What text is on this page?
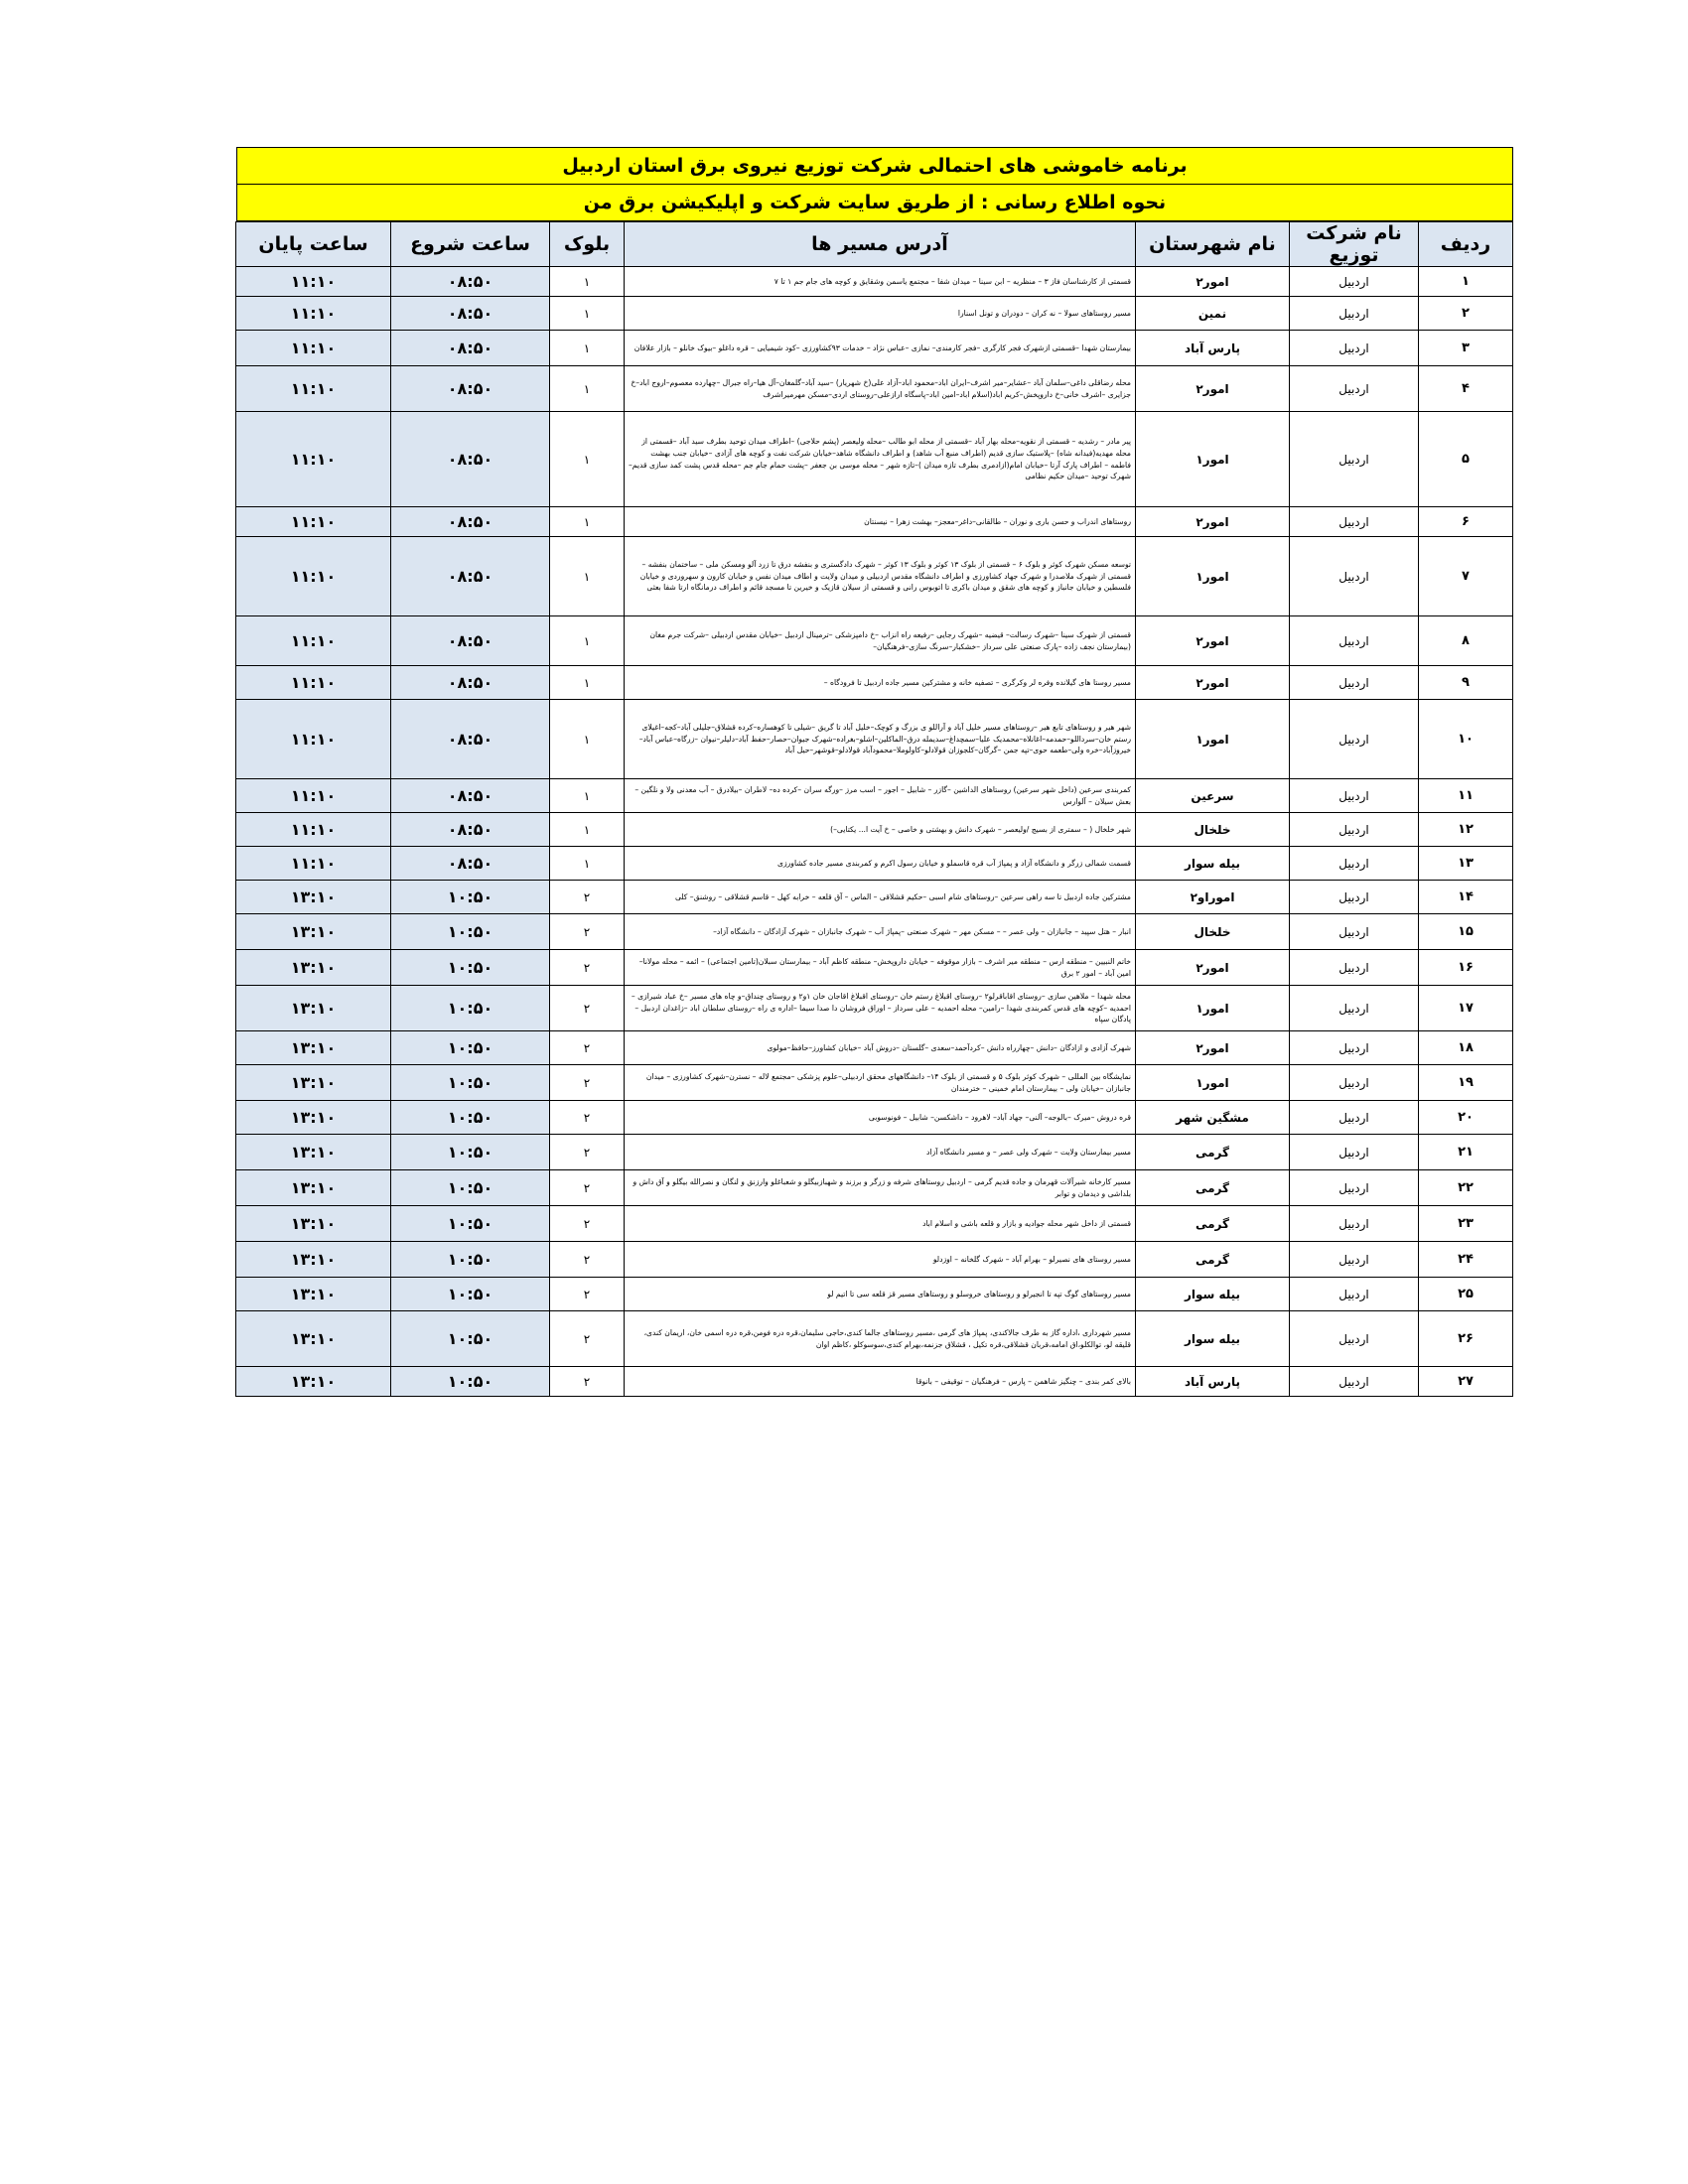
برنامه خاموشی های احتمالی شرکت توزیع نیروی برق استان اردبیل
نحوه اطلاع رسانی : از طریق سایت شرکت و اپلیکیشن برق من
ردیف	نام شرکت توزیع	نام شهرستان	آدرس مسیر ها	بلوک	ساعت شروع	ساعت پایان
۱	اردبیل	امور۲	قسمتی از کارشناسان فاز ۳ – منظریه – ابن سینا – میدان شفا – مجتمع یاسمن وشقایق و کوچه های جام جم ۱ تا ۷	۱	۰۸:۵۰	۱۱:۱۰
۲	اردبیل	نمین	مسیر روستاهای سولا – نه کران – دودران و تونل اسنارا	۱	۰۸:۵۰	۱۱:۱۰
۳	اردبیل	پارس آباد	بیمارستان شهدا –قسمتی ازشهرک فجر کارگری –فجر کارمندی– نمازی –عباس نژاد – خدمات ۹۳کشاورزی –کود شیمیایی – قره داغلو –بیوک خانلو – بازار علافان	۱	۰۸:۵۰	۱۱:۱۰
۴	اردبیل	امور۲	محله رضاقلی داغی–سلمان آباد –عشایر–میر اشرف–ایران اباد–محمود اباد–آزاد علی(خ شهریار) –سید آباد–گلمغان–آل هیا–راه جبرال –چهارده معصوم–اروج اباد–خ جزایری –اشرف خانی–خ داروپخش–کریم اباد(اسلام اباد–امین اباد–پاسگاه ارازعلی–روستای اردی–مسکن مهرمیراشرف	۱	۰۸:۵۰	۱۱:۱۰
۵	اردبیل	امور۱	پیر مادر – رشدیه – قسمتی از نقویه–محله بهار آباد –قسمتی از محله ابو طالب –محله وليعصر (پشم حلاجی) –اطراف میدان توحید بطرف سید آباد –قسمتی از محله مهدیه(فیدانه شاه) –پلاستیک سازی قدیم (اطراف منبع آب شاهد) و اطراف دانشگاه شاهد–خیابان شرکت نفت و کوچه های آزادی –خیابان جنب بهشت فاطمه – اطراف پارک آرتا –خیابان امام(ازادمری بطرف تازه میدان )–تازه شهر – محله موسی بن جعفر –پشت حمام جام جم –محله قدس پشت کمد سازی قدیم–شهرک توحید –میدان حکیم نظامی	۱	۰۸:۵۰	۱۱:۱۰
۶	اردبیل	امور۲	روستاهای اندراب و حسن باری و نوران – طالقانی–داغر–معجز– بهشت زهرا – نیسنتان	۱	۰۸:۵۰	۱۱:۱۰
۷	اردبیل	امور۱	توسعه مسکن شهرک کوثر و بلوک ۶ – قسمتی از بلوک ۱۳ کوثر و بلوک ۱۳ کوثر – شهرک دادگستری و بنفشه درق تا زرد آلو ومسکن ملی – ساختمان بنفشه – قسمتی از شهرک ملاصدرا و شهرک جهاد کشاورزی و اطراف دانشگاه مقدس اردبیلی و میدان ولایت و اطاف میدان نفس و خیابان کارون و سهروردی و خیابان فلسطین و خیابان جانباز و کوچه های شقق و میدان باکری تا اتوبوس رانی و قسمتی از سیلان قازیک و خیرین تا مسجد قائم و اطراف درمانگاه ارتا شفا بعثی	۱	۰۸:۵۰	۱۱:۱۰
۸	اردبیل	امور۲	قسمتی از شهرک سینا –شهرک رسالت– قیضیه –شهرک رجایی –رفیعه راه انزاب –خ دامپزشکی –ترمینال اردبیل –خیابان مقدس اردبیلی –شرکت جرم مغان (بیمارستان نجف زاده –پارک صنعتی علی سرداز –خشکبار–سرنگ سازی–فرهنگیان–	۱	۰۸:۵۰	۱۱:۱۰
۹	اردبیل	امور۲	مسیر روستا های گیلانده وفره لر وکرگری – تصفیه خانه و مشترکین مسیر جاده اردبیل تا فرودگاه –	۱	۰۸:۵۰	۱۱:۱۰
۱۰	اردبیل	امور۱	شهر هیر و روستاهای تابع هیر –روستاهای مسیر خلیل آباد و آراللو ی بزرگ و کوچک–خلیل آباد تا گریق –شیلی تا کوهساره–کرده قشلاق–جلیلی آباد–کجه–اغیلای رستم خان–سرداللو–حمدمه–اغانلاه–محمدیک علیا–سمچداغ–سدیمله درق–الماکلین–اشلو–بغراده–شهرک جیوان–حصار–حفظ آباد–دلیلر–نیوان –زرگاه–عباس آباد–خیروزآباد–خره ولی–طعمه حوی–تپه جمن –گرگان–کلجوزان قولادلو–کاولوملا–محمودآباد قولادلو–قوشهر–حیل آباد	۱	۰۸:۵۰	۱۱:۱۰
۱۱	اردبیل	سرعین	کمربندی سرعین (داخل شهر سرعین) روستاهای الداشین –گازر – شابیل – اجور – اسب مرز –ورگه سران –کرده ده– لاطران –بیلادرق – آب معدنی ولا و نلگین – بعش سیلان – آلوارس	۱	۰۸:۵۰	۱۱:۱۰
۱۲	اردبیل	خلخال	شهر خلخال ( – سمتری از بسیج /ولیعصر – شهرک دانش و بهشتی و خاصی – خ آیت ا... یکتایی–)	۱	۰۸:۵۰	۱۱:۱۰
۱۳	اردبیل	بیله سوار	قسمت شمالی زرگر و دانشگاه آزاد و پمپاژ آب قره قاسملو و خیابان رسول اکرم و کمربندی مسیر جاده کشاورزی	۱	۰۸:۵۰	۱۱:۱۰
۱۴	اردبیل	اموراو۲	مشترکین جاده اردبیل تا سه راهی سرعین –روستاهای شام اسبی –حکیم قشلاقی – الماس – آق قلعه – خرابه کهل – قاسم قشلاقی – روشنق– کلی	۲	۱۰:۵۰	۱۳:۱۰
۱۵	اردبیل	خلخال	انبار – هتل سپید – جانبازان – ولی عصر – – مسکن مهر – شهرک صنعتی –پمپاژ آب – شهرک جانبازان – شهرک آزادگان – دانشگاه آزاد–	۲	۱۰:۵۰	۱۳:۱۰
۱۶	اردبیل	امور۲	خاتم النبیین – منطقه ارس – منطقه میر اشرف – بازار موقوفه – خیابان داروپخش– منطقه کاظم آباد – بیمارستان سبلان(تامین اجتماعی) – ائمه – محله مولانا– امین آباد – امور ۲ برق	۲	۱۰:۵۰	۱۳:۱۰
۱۷	اردبیل	امور۱	محله شهدا – ملاهین سازی –روستای اقاباقرلو۲ –روستای اقبلاغ رستم خان –روستای اقبلاغ اقاجان خان ۱و۲ و روستای چنداق–و چاه های مسیر –خ عباد شیرازی –احمدیه –کوچه های قدس کمربندی شهدا –رامین– محله احمدیه – علی سرداز – اوراق فروشان دا صدا سیما –اداره ی راه –روستای سلطان اباد –زاغدان اردبیل –پادگان سپاه	۲	۱۰:۵۰	۱۳:۱۰
۱۸	اردبیل	امور۲	شهرک آزادی و ازادگان –دانش –چهارراه دانش –کردآحمد–سعدی –گلستان –دروش آباد –خیابان کشاورز–حافظ–مولوی	۲	۱۰:۵۰	۱۳:۱۰
۱۹	اردبیل	امور۱	نمایشگاه بین المللی – شهرک کوثر بلوک ۵ و قسمتی از بلوک ۱۴– دانشگاههای محقق اردبیلی–علوم پزشکی –مجتمع لاله – نسترن–شهرک کشاورزی – میدان جانبازان –خیابان ولی – بیمارستان امام خمینی – خترمندان	۲	۱۰:۵۰	۱۳:۱۰
۲۰	اردبیل	مشگین شهر	قره دروش –میرک –بالوجه– آلنی– جهاد آباد– لاهرود – داشکسن– شابیل – فونوسوبی	۲	۱۰:۵۰	۱۳:۱۰
۲۱	اردبیل	گرمی	مسیر بیمارستان ولایت – شهرک ولی عصر – و مسیر دانشگاه آزاد	۲	۱۰:۵۰	۱۳:۱۰
۲۲	اردبیل	گرمی	مسیر کارخانه شیرآلات قهرمان و جاده قدیم گرمی – اردبیل روستاهای شرفه و زرگر و برزند و شهبازبیگلو و شعباغلو وارزنق و لنگان و نصرالله بیگلو و آق داش و بلداشی و دیدمان و توابر	۲	۱۰:۵۰	۱۳:۱۰
۲۳	اردبیل	گرمی	قسمتی از داخل شهر محله جوادیه و بازار و قلعه باشی و اسلام اباد	۲	۱۰:۵۰	۱۳:۱۰
۲۴	اردبیل	گرمی	مسیر روستای های نصیرلو – بهرام آباد – شهرک گلخانه – اوزدلو	۲	۱۰:۵۰	۱۳:۱۰
۲۵	اردبیل	بیله سوار	مسیر روستاهای گوگ تپه تا انجیرلو و روستاهای خروسلو و روستاهای مسیر قز قلعه سی تا اتیم لو	۲	۱۰:۵۰	۱۳:۱۰
۲۶	اردبیل	بیله سوار	مسیر شهرداری ،اداره گاز به طرف جالاکندی، پمپاژ های گرمی ،مسیر روستاهای جالما کندی،حاجی سلیمان،قره دره فومن،قره دره اسمی خان، اریمان کندی، قلیقه لو، توالکلو،اق امامه،قربان قشلاقی،قره تکیل ، قشلاق جزنمه،بهرام کندی،سوسوکلو ،کاظم اوان	۲	۱۰:۵۰	۱۳:۱۰
۲۷	اردبیل	پارس آباد	بالای کمر بندی – چنگیز شاهمن – پارس – فرهنگیان – توقیفی – بانوقا	۲	۱۰:۵۰	۱۳:۱۰
